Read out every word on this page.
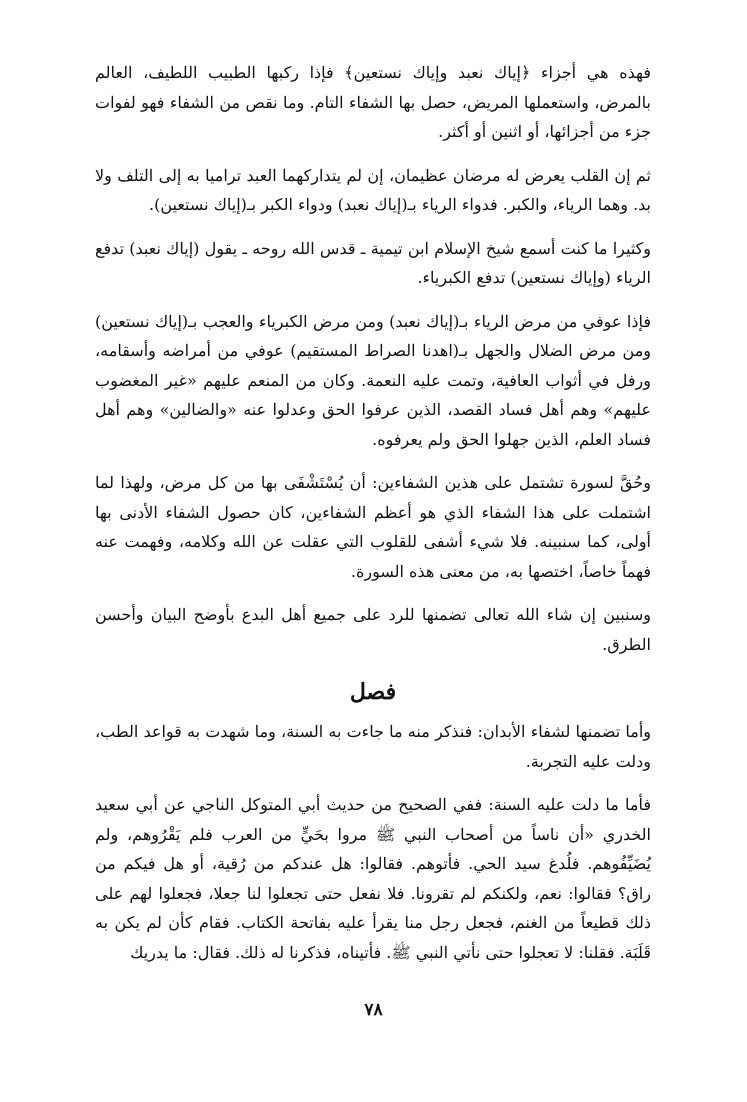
فهذه هي أجزاء ﴿إياك نعبد وإياك نستعين﴾ فإذا ركبها الطبيب اللطيف، العالم بالمرض، واستعملها المريض، حصل بها الشفاء التام. وما نقص من الشفاء فهو لفوات جزء من أجزائها، أو اثنين أو أكثر.

ثم إن القلب يعرض له مرضان عظيمان، إن لم يتداركهما العبد تراميا به إلى التلف ولا بد. وهما الرياء، والكبر. فدواء الرياء بـ(إياك نعبد) ودواء الكبر بـ(إياك نستعين).

وكثيرا ما كنت أسمع شيخ الإسلام ابن تيمية ـ قدس الله روحه ـ يقول (إياك نعبد) تدفع الرياء (وإياك نستعين) تدفع الكبرياء.

فإذا عوفي من مرض الرياء بـ(إياك نعبد) ومن مرض الكبرياء والعجب بـ(إياك نستعين) ومن مرض الضلال والجهل بـ(اهدنا الصراط المستقيم) عوفي من أمراضه وأسقامه، ورفل في أثواب العافية، وتمت عليه النعمة. وكان من المنعم عليهم «غير المغضوب عليهم» وهم أهل فساد القصد، الذين عرفوا الحق وعدلوا عنه «والضالين» وهم أهل فساد العلم، الذين جهلوا الحق ولم يعرفوه.

وحُقَّ لسورة تشتمل على هذين الشفاءين: أن يُسْتَشْفَى بها من كل مرض، ولهذا لما اشتملت على هذا الشفاء الذي هو أعظم الشفاءين، كان حصول الشفاء الأدنى بها أولى، كما سنبينه. فلا شيء أشفى للقلوب التي عقلت عن الله وكلامه، وفهمت عنه فهماً خاصاً، اختصها به، من معنى هذه السورة.

وسنبين إن شاء الله تعالى تضمنها للرد على جميع أهل البدع بأوضح البيان وأحسن الطرق.

فصل

وأما تضمنها لشفاء الأبدان: فنذكر منه ما جاءت به السنة، وما شهدت به قواعد الطب، ودلت عليه التجربة.

فأما ما دلت عليه السنة: ففي الصحيح من حديث أبي المتوكل الناجي عن أبي سعيد الخدري «أن ناساً من أصحاب النبي ﷺ مروا بحَيٍّ من العرب فلم يَقْرُوهم، ولم يُضَيِّفُوهم. فلُدغ سيد الحي. فأتوهم. فقالوا: هل عندكم من رُقية، أو هل فيكم من راق؟ فقالوا: نعم، ولكنكم لم تقرونا. فلا نفعل حتى تجعلوا لنا جعلا، فجعلوا لهم على ذلك قطيعاً من الغنم، فجعل رجل منا يقرأ عليه بفاتحة الكتاب. فقام كأن لم يكن به قَلَبَة. فقلنا: لا تعجلوا حتى نأتي النبي ﷺ. فأتيناه، فذكرنا له ذلك. فقال: ما يدريك

٧٨
